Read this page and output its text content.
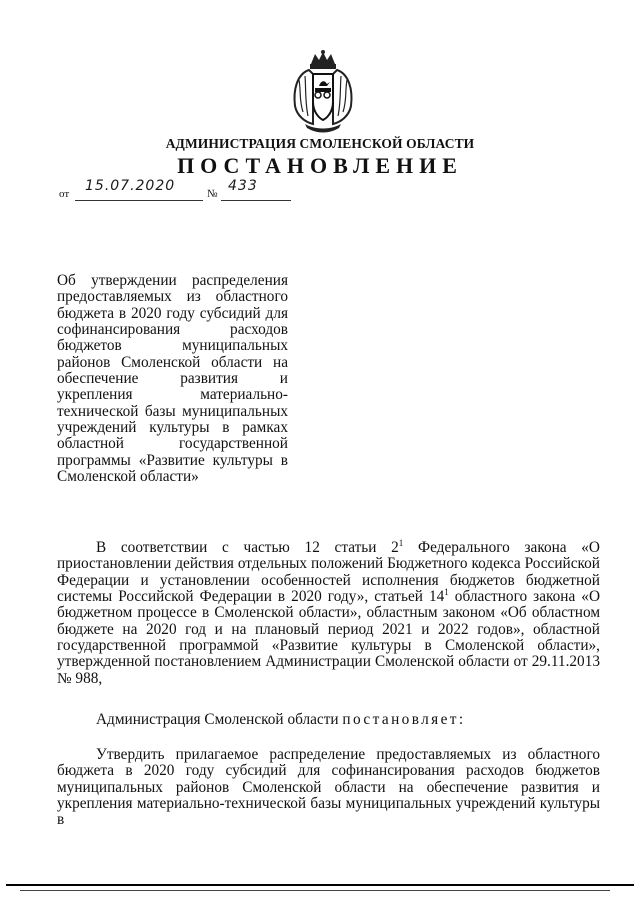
АДМИНИСТРАЦИЯ СМОЛЕНСКОЙ ОБЛАСТИ
ПОСТАНОВЛЕНИЕ
от 15.07.2020	№ 433
Об утверждении распределения
предоставляемых из областного
бюджета в 2020 году субсидий для
софинансирования расходов
бюджетов муниципальных
районов Смоленской области на
обеспечение развития и
укрепления материально-
технической базы муниципальных
учреждений культуры в рамках
областной государственной
программы «Развитие культуры в
Смоленской области»
В соответствии с частью 12 статьи $2^1$ Федерального закона «О
приостановлении действия отдельных положений Бюджетного кодекса Российской
Федерации и установлении особенностей исполнения бюджетов бюджетной
системы Российской Федерации в 2020 году», статьей $14^1$ областного закона «О
бюджетном процессе в Смоленской области», областным законом «Об областном
бюджете на 2020 год и на плановый период 2021 и 2022 годов», областной
государственной программой «Развитие культуры в Смоленской области»,
утвержденной постановлением Администрации Смоленской области от 29.11.2013
№ 988,
Администрация Смоленской области постановляет:
Утвердить прилагаемое распределение предоставляемых из областного
бюджета в 2020 году субсидий для софинансирования расходов бюджетов
муниципальных районов Смоленской области на обеспечение развития и
укрепления материально-технической базы муниципальных учреждений культуры в
